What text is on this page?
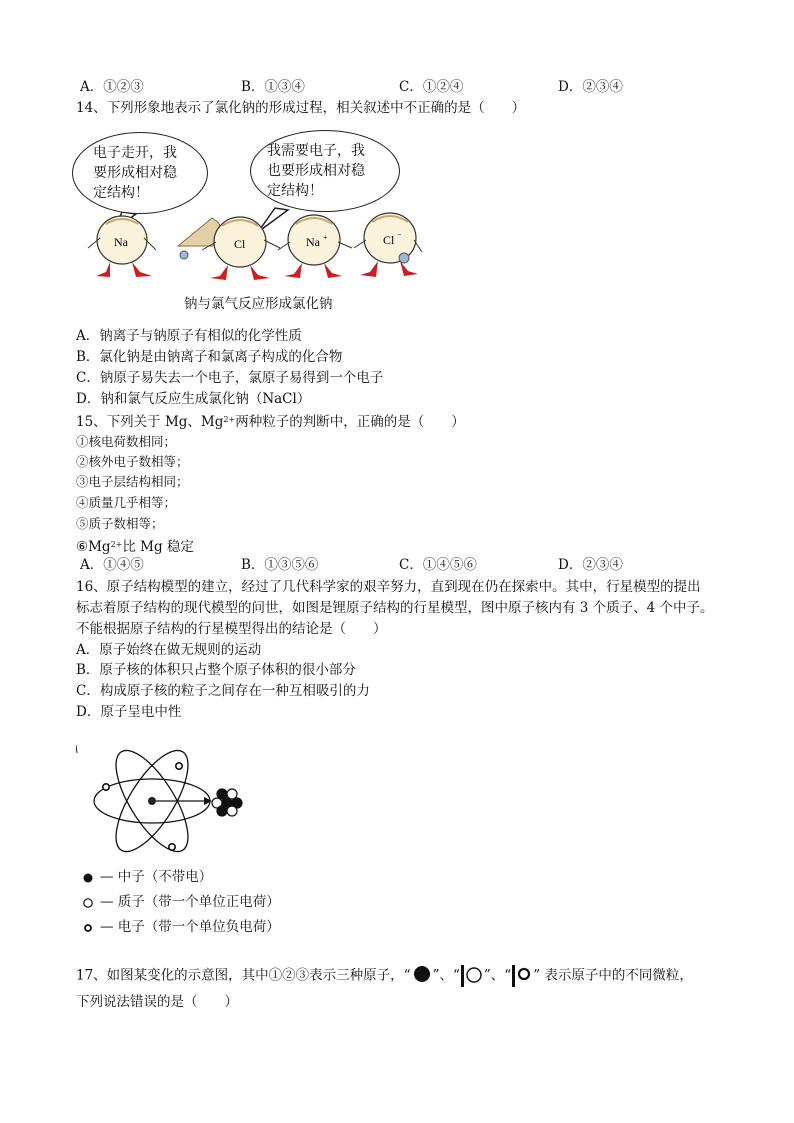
A．①②③	B．①③④	C．①②④	D．②③④
14、下列形象地表示了氯化钠的形成过程，相关叙述中不正确的是（　　）
Na	Cl	Na +	Cl −
电子走开，我
要形成相对稳
定结构！
我需要电子，我
也要形成相对稳
定结构！
钠与氯气反应形成氯化钠
A．钠离子与钠原子有相似的化学性质
B．氯化钠是由钠离子和氯离子构成的化合物
C．钠原子易失去一个电子，氯原子易得到一个电子
D．钠和氯气反应生成氯化钠（NaCl）
15、下列关于 Mg、$Mg^{2+}$两种粒子的判断中，正确的是（　　）
①核电荷数相同；
②核外电子数相等；
③电子层结构相同；
④质量几乎相等；
⑤质子数相等；
$⑥Mg^{2+}$比 Mg 稳定
A．①④⑤	B．①③⑤⑥	C．①④⑤⑥	D．②③④
16、原子结构模型的建立，经过了几代科学家的艰辛努力，直到现在仍在探索中。其中，行星模型的提出
标志着原子结构的现代模型的问世，如图是锂原子结构的行星模型，图中原子核内有 3 个质子、4 个中子。
不能根据原子结构的行星模型得出的结论是（　　）
A．原子始终在做无规则的运动
B．原子核的体积只占整个原子体积的很小部分
C．构成原子核的粒子之间存在一种互相吸引的力
D．原子呈电中性
— 中子（不带电）
— 质子（带一个单位正电荷）
— 电子（带一个单位负电荷）
17、如图某变化的示意图，其中①②③表示三种原子，“ ”、“ ”、“ ” 表示原子中的不同微粒，
下列说法错误的是（　　）
